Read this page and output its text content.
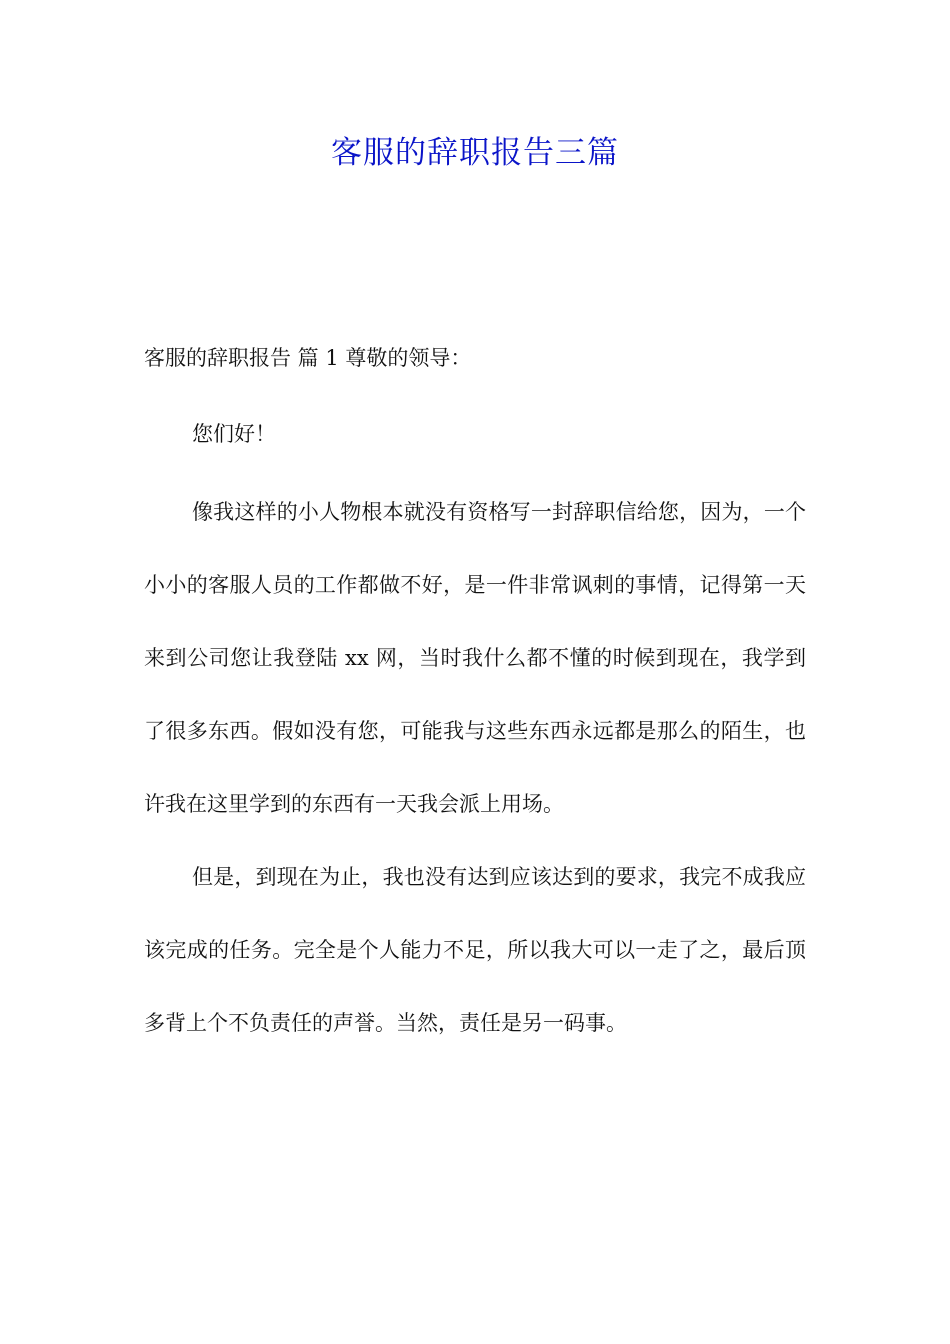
客服的辞职报告三篇

客服的辞职报告 篇 1 尊敬的领导：

您们好！

像我这样的小人物根本就没有资格写一封辞职信给您，因为，一个小小的客服人员的工作都做不好，是一件非常讽刺的事情，记得第一天来到公司您让我登陆 xx 网，当时我什么都不懂的时候到现在，我学到了很多东西。假如没有您，可能我与这些东西永远都是那么的陌生，也许我在这里学到的东西有一天我会派上用场。

但是，到现在为止，我也没有达到应该达到的要求，我完不成我应该完成的任务。完全是个人能力不足，所以我大可以一走了之，最后顶多背上个不负责任的声誉。当然，责任是另一码事。
